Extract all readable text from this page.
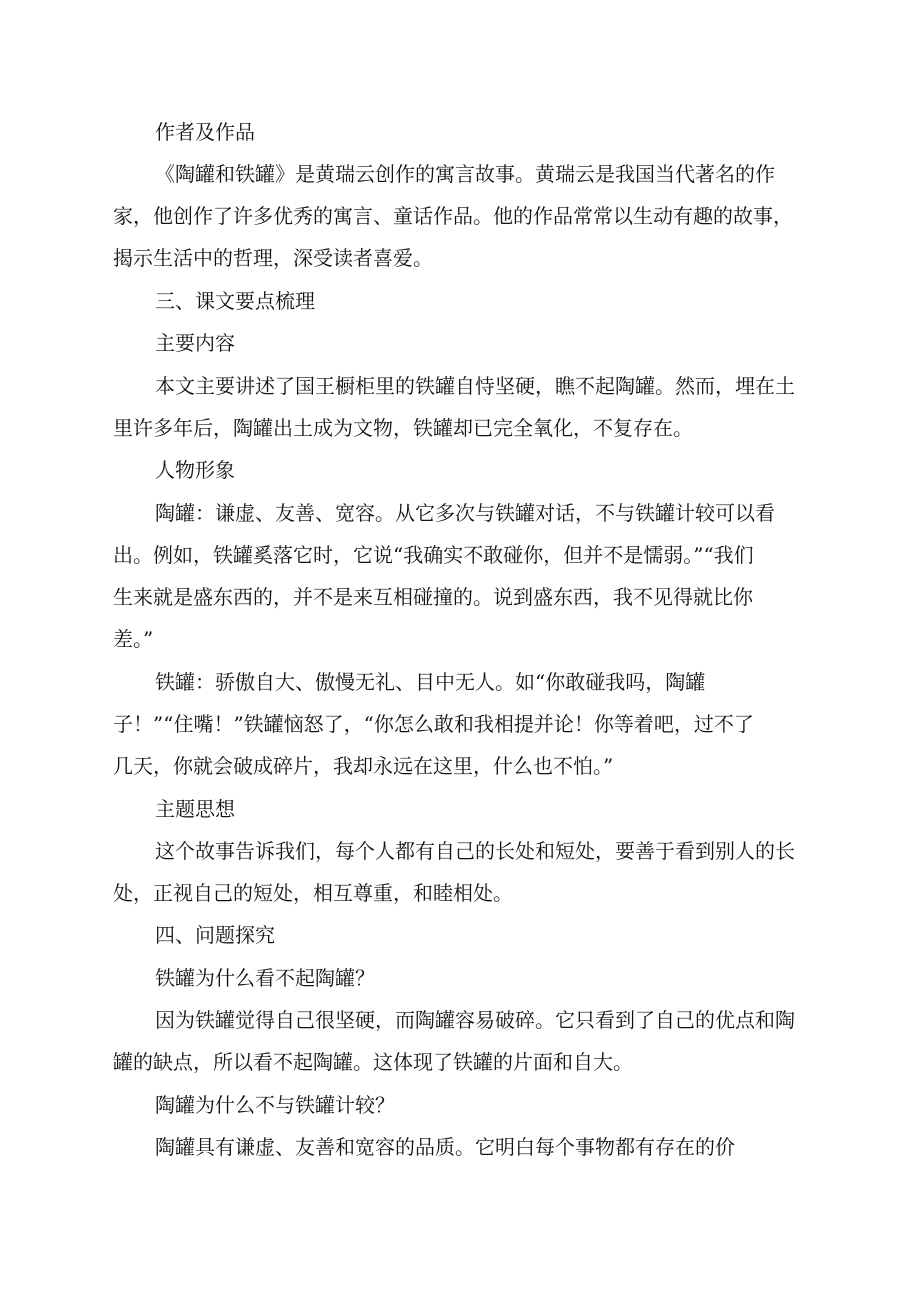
作者及作品
《陶罐和铁罐》是黄瑞云创作的寓言故事。黄瑞云是我国当代著名的作
家，他创作了许多优秀的寓言、童话作品。他的作品常常以生动有趣的故事，
揭示生活中的哲理，深受读者喜爱。
三、课文要点梳理
主要内容
本文主要讲述了国王橱柜里的铁罐自恃坚硬，瞧不起陶罐。然而，埋在土
里许多年后，陶罐出土成为文物，铁罐却已完全氧化，不复存在。
人物形象
陶罐：谦虚、友善、宽容。从它多次与铁罐对话，不与铁罐计较可以看
出。例如，铁罐奚落它时，它说“我确实不敢碰你，但并不是懦弱。”“我们
生来就是盛东西的，并不是来互相碰撞的。说到盛东西，我不见得就比你
差。”
铁罐：骄傲自大、傲慢无礼、目中无人。如“你敢碰我吗，陶罐
子！”“住嘴！”铁罐恼怒了，“你怎么敢和我相提并论！你等着吧，过不了
几天，你就会破成碎片，我却永远在这里，什么也不怕。”
主题思想
这个故事告诉我们，每个人都有自己的长处和短处，要善于看到别人的长
处，正视自己的短处，相互尊重，和睦相处。
四、问题探究
铁罐为什么看不起陶罐？
因为铁罐觉得自己很坚硬，而陶罐容易破碎。它只看到了自己的优点和陶
罐的缺点，所以看不起陶罐。这体现了铁罐的片面和自大。
陶罐为什么不与铁罐计较？
陶罐具有谦虚、友善和宽容的品质。它明白每个事物都有存在的价
